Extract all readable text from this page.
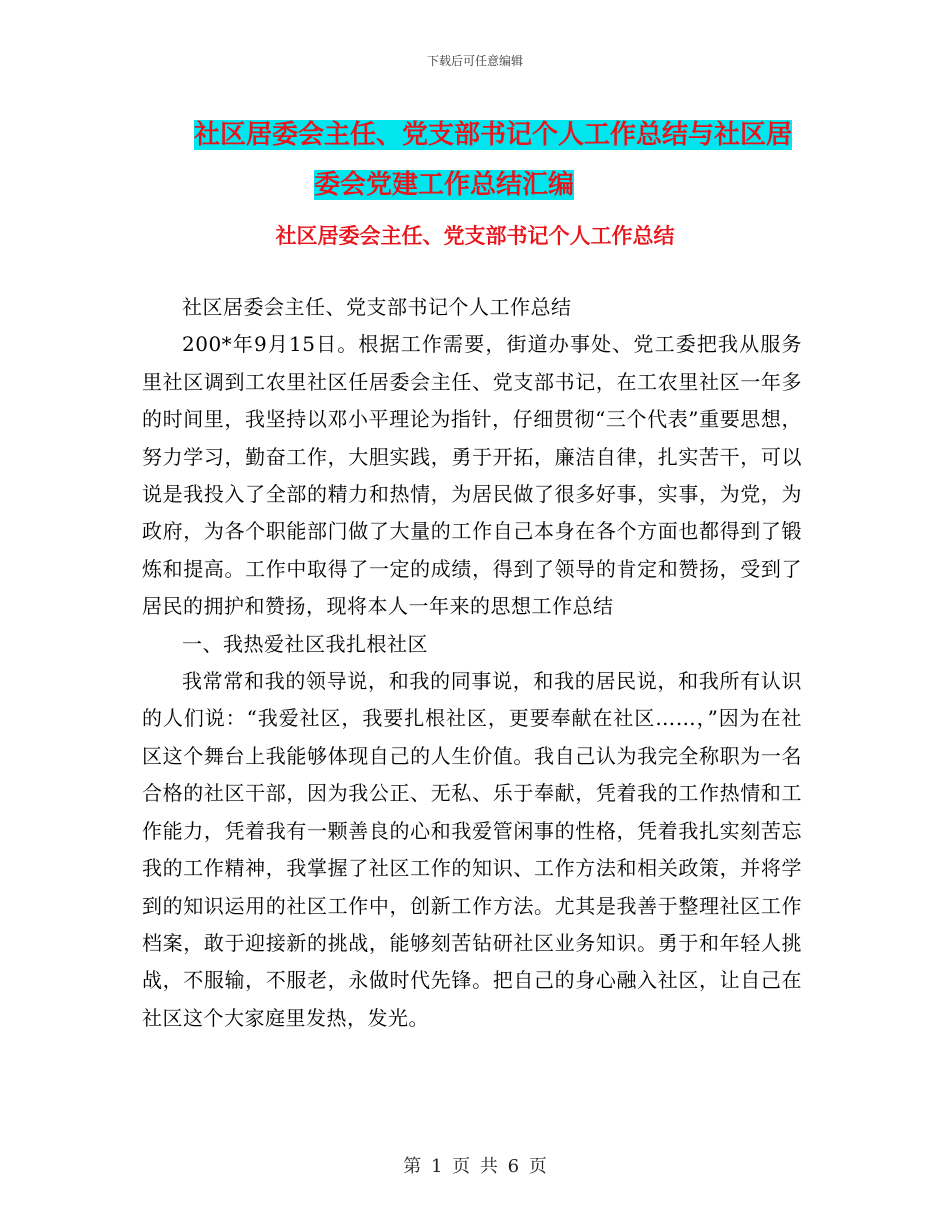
下载后可任意编辑
社区居委会主任、党支部书记个人工作总结与社区居
委会党建工作总结汇编
社区居委会主任、党支部书记个人工作总结

社区居委会主任、党支部书记个人工作总结

200*年9月15日。根据工作需要，街道办事处、党工委把我从服务里社区调到工农里社区任居委会主任、党支部书记，在工农里社区一年多的时间里，我坚持以邓小平理论为指针，仔细贯彻“三个代表”重要思想，努力学习，勤奋工作，大胆实践，勇于开拓，廉洁自律，扎实苦干，可以说是我投入了全部的精力和热情，为居民做了很多好事，实事，为党，为政府，为各个职能部门做了大量的工作自己本身在各个方面也都得到了锻炼和提高。工作中取得了一定的成绩，得到了领导的肯定和赞扬，受到了居民的拥护和赞扬，现将本人一年来的思想工作总结

一、我热爱社区我扎根社区

我常常和我的领导说，和我的同事说，和我的居民说，和我所有认识的人们说：“我爱社区，我要扎根社区，更要奉献在社区……，”因为在社区这个舞台上我能够体现自己的人生价值。我自己认为我完全称职为一名合格的社区干部，因为我公正、无私、乐于奉献，凭着我的工作热情和工作能力，凭着我有一颗善良的心和我爱管闲事的性格，凭着我扎实刻苦忘我的工作精神，我掌握了社区工作的知识、工作方法和相关政策，并将学到的知识运用的社区工作中，创新工作方法。尤其是我善于整理社区工作档案，敢于迎接新的挑战，能够刻苦钻研社区业务知识。勇于和年轻人挑战，不服输，不服老，永做时代先锋。把自己的身心融入社区，让自己在社区这个大家庭里发热，发光。

第 1 页 共 6 页
